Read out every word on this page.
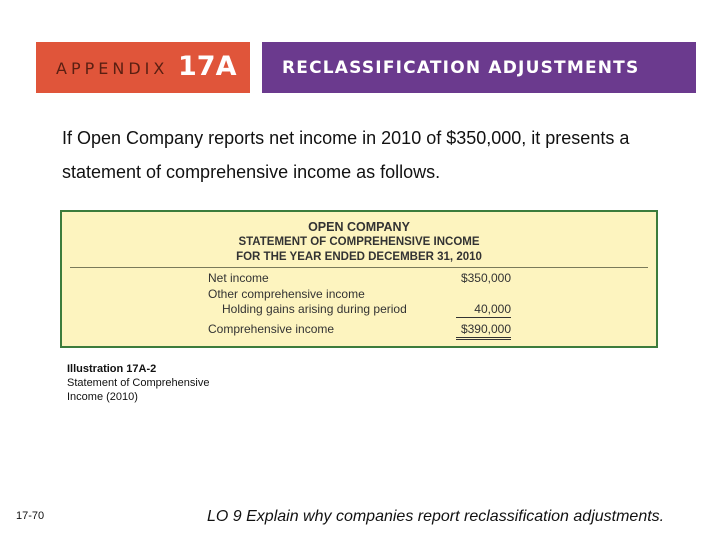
APPENDIX 17A	RECLASSIFICATION ADJUSTMENTS
If Open Company reports net income in 2010 of $350,000, it presents a statement of comprehensive income as follows.
OPEN COMPANY
STATEMENT OF COMPREHENSIVE INCOME
FOR THE YEAR ENDED DECEMBER 31, 2010
Net income	$350,000
Other comprehensive income
Holding gains arising during period	40,000
Comprehensive income	$390,000
Illustration 17A-2
Statement of Comprehensive
Income (2010)
17-70	LO 9 Explain why companies report reclassification adjustments.
